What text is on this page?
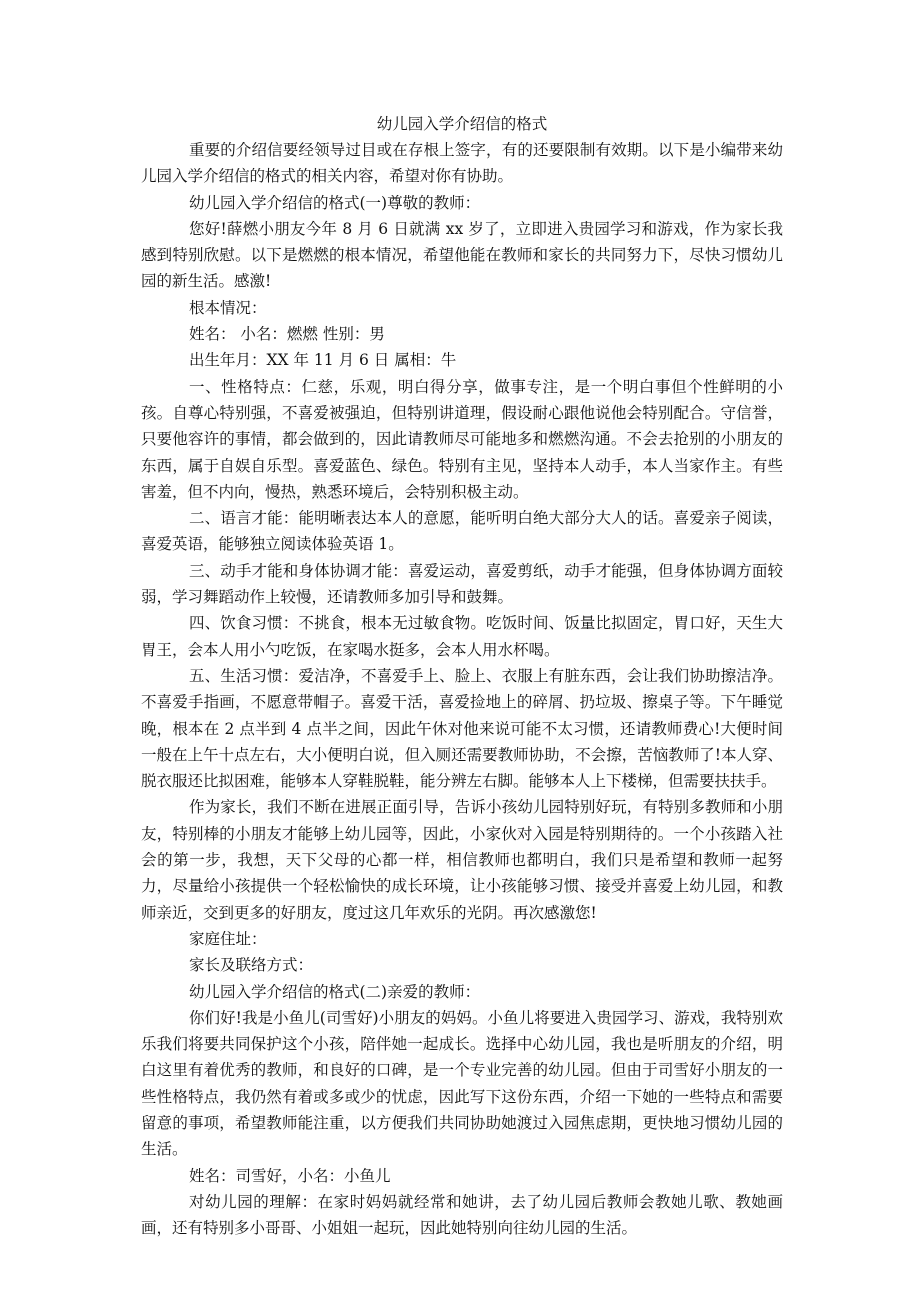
幼儿园入学介绍信的格式

重要的介绍信要经领导过目或在存根上签字，有的还要限制有效期。以下是小编带来幼儿园入学介绍信的格式的相关内容，希望对你有协助。

幼儿园入学介绍信的格式(一)尊敬的教师：

您好!薛燃小朋友今年 8 月 6 日就满 xx 岁了，立即进入贵园学习和游戏，作为家长我感到特别欣慰。以下是燃燃的根本情况，希望他能在教师和家长的共同努力下，尽快习惯幼儿园的新生活。感激!

根本情况：

姓名： 小名：燃燃 性别：男

出生年月：XX 年 11 月 6 日 属相：牛

一、性格特点：仁慈，乐观，明白得分享，做事专注，是一个明白事但个性鲜明的小孩。自尊心特别强，不喜爱被强迫，但特别讲道理，假设耐心跟他说他会特别配合。守信誉，只要他容许的事情，都会做到的，因此请教师尽可能地多和燃燃沟通。不会去抢别的小朋友的东西，属于自娱自乐型。喜爱蓝色、绿色。特别有主见，坚持本人动手，本人当家作主。有些害羞，但不内向，慢热，熟悉环境后，会特别积极主动。

二、语言才能：能明晰表达本人的意愿，能听明白绝大部分大人的话。喜爱亲子阅读，喜爱英语，能够独立阅读体验英语 1。

三、动手才能和身体协调才能：喜爱运动，喜爱剪纸，动手才能强，但身体协调方面较弱，学习舞蹈动作上较慢，还请教师多加引导和鼓舞。

四、饮食习惯：不挑食，根本无过敏食物。吃饭时间、饭量比拟固定，胃口好，天生大胃王，会本人用小勺吃饭，在家喝水挺多，会本人用水杯喝。

五、生活习惯：爱洁净，不喜爱手上、脸上、衣服上有脏东西，会让我们协助擦洁净。不喜爱手指画，不愿意带帽子。喜爱干活，喜爱捡地上的碎屑、扔垃圾、擦桌子等。下午睡觉晚，根本在 2 点半到 4 点半之间，因此午休对他来说可能不太习惯，还请教师费心!大便时间一般在上午十点左右，大小便明白说，但入厕还需要教师协助，不会擦，苦恼教师了!本人穿、脱衣服还比拟困难，能够本人穿鞋脱鞋，能分辨左右脚。能够本人上下楼梯，但需要扶扶手。

作为家长，我们不断在进展正面引导，告诉小孩幼儿园特别好玩，有特别多教师和小朋友，特别棒的小朋友才能够上幼儿园等，因此，小家伙对入园是特别期待的。一个小孩踏入社会的第一步，我想，天下父母的心都一样，相信教师也都明白，我们只是希望和教师一起努力，尽量给小孩提供一个轻松愉快的成长环境，让小孩能够习惯、接受并喜爱上幼儿园，和教师亲近，交到更多的好朋友，度过这几年欢乐的光阴。再次感激您!

家庭住址：

家长及联络方式：

幼儿园入学介绍信的格式(二)亲爱的教师：

你们好!我是小鱼儿(司雪好)小朋友的妈妈。小鱼儿将要进入贵园学习、游戏，我特别欢乐我们将要共同保护这个小孩，陪伴她一起成长。选择中心幼儿园，我也是听朋友的介绍，明白这里有着优秀的教师，和良好的口碑，是一个专业完善的幼儿园。但由于司雪好小朋友的一些性格特点，我仍然有着或多或少的忧虑，因此写下这份东西，介绍一下她的一些特点和需要留意的事项，希望教师能注重，以方便我们共同协助她渡过入园焦虑期，更快地习惯幼儿园的生活。

姓名：司雪好，小名：小鱼儿

对幼儿园的理解：在家时妈妈就经常和她讲，去了幼儿园后教师会教她儿歌、教她画画，还有特别多小哥哥、小姐姐一起玩，因此她特别向往幼儿园的生活。
